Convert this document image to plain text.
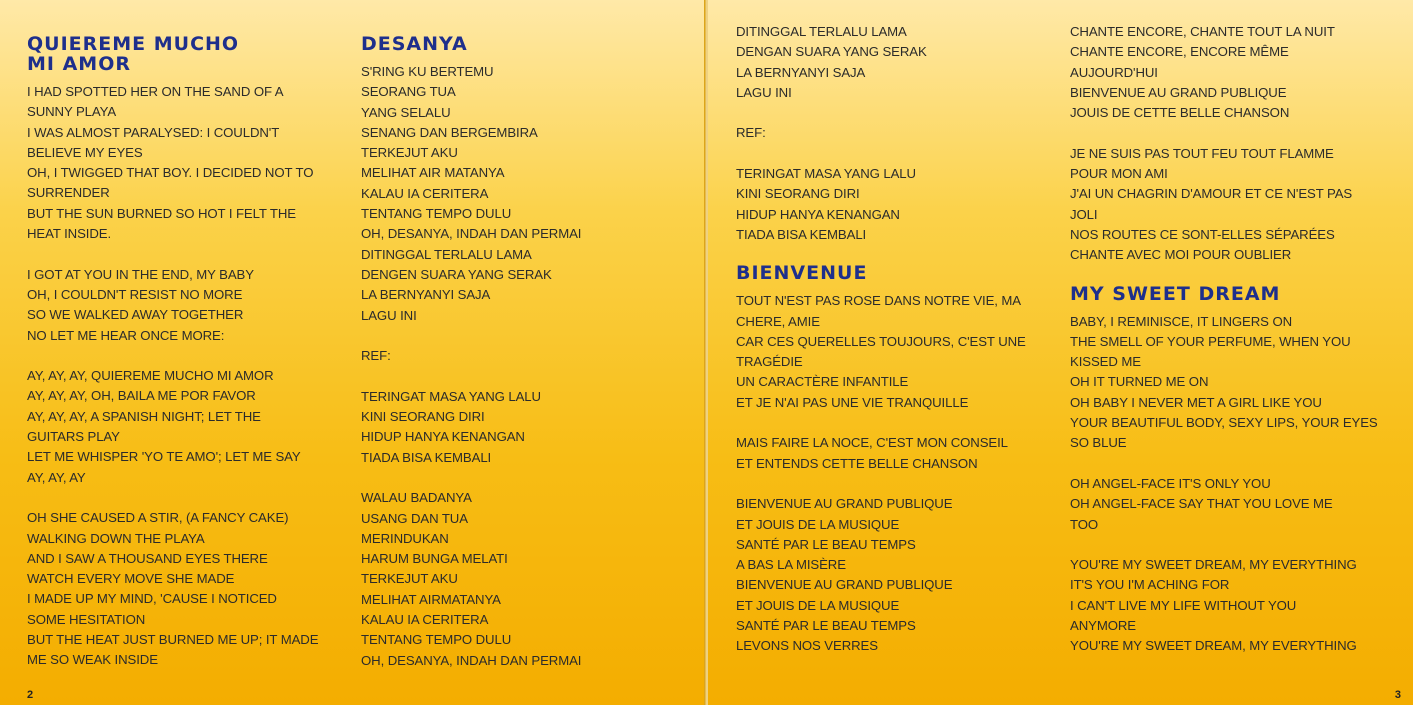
QUIEREME MUCHO
MI AMOR
I HAD SPOTTED HER ON THE SAND OF A
SUNNY PLAYA
I WAS ALMOST PARALYSED: I COULDN'T
BELIEVE MY EYES
OH, I TWIGGED THAT BOY. I DECIDED NOT TO
SURRENDER
BUT THE SUN BURNED SO HOT I FELT THE
HEAT INSIDE.
I GOT AT YOU IN THE END, MY BABY
OH, I COULDN'T RESIST NO MORE
SO WE WALKED AWAY TOGETHER
NO LET ME HEAR ONCE MORE:
AY, AY, AY, QUIEREME MUCHO MI AMOR
AY, AY, AY, OH, BAILA ME POR FAVOR
AY, AY, AY, A SPANISH NIGHT; LET THE
GUITARS PLAY
LET ME WHISPER 'YO TE AMO'; LET ME SAY
AY, AY, AY
OH SHE CAUSED A STIR, (A FANCY CAKE)
WALKING DOWN THE PLAYA
AND I SAW A THOUSAND EYES THERE
WATCH EVERY MOVE SHE MADE
I MADE UP MY MIND, 'CAUSE I NOTICED
SOME HESITATION
BUT THE HEAT JUST BURNED ME UP; IT MADE
ME SO WEAK INSIDE
DESANYA
S'RING KU BERTEMU
SEORANG TUA
YANG SELALU
SENANG DAN BERGEMBIRA
TERKEJUT AKU
MELIHAT AIR MATANYA
KALAU IA CERITERA
TENTANG TEMPO DULU
OH, DESANYA, INDAH DAN PERMAI
DITINGGAL TERLALU LAMA
DENGEN SUARA YANG SERAK
LA BERNYANYI SAJA
LAGU INI
REF:
TERINGAT MASA YANG LALU
KINI SEORANG DIRI
HIDUP HANYA KENANGAN
TIADA BISA KEMBALI
WALAU BADANYA
USANG DAN TUA
MERINDUKAN
HARUM BUNGA MELATI
TERKEJUT AKU
MELIHAT AIRMATANYA
KALAU IA CERITERA
TENTANG TEMPO DULU
OH, DESANYA, INDAH DAN PERMAI
2
DITINGGAL TERLALU LAMA
DENGAN SUARA YANG SERAK
LA BERNYANYI SAJA
LAGU INI
REF:
TERINGAT MASA YANG LALU
KINI SEORANG DIRI
HIDUP HANYA KENANGAN
TIADA BISA KEMBALI
BIENVENUE
TOUT N'EST PAS ROSE DANS NOTRE VIE, MA
CHERE, AMIE
CAR CES QUERELLES TOUJOURS, C'EST UNE
TRAGÉDIE
UN CARACTÈRE INFANTILE
ET JE N'AI PAS UNE VIE TRANQUILLE
MAIS FAIRE LA NOCE, C'EST MON CONSEIL
ET ENTENDS CETTE BELLE CHANSON
BIENVENUE AU GRAND PUBLIQUE
ET JOUIS DE LA MUSIQUE
SANTÉ PAR LE BEAU TEMPS
A BAS LA MISÈRE
BIENVENUE AU GRAND PUBLIQUE
ET JOUIS DE LA MUSIQUE
SANTÉ PAR LE BEAU TEMPS
LEVONS NOS VERRES
CHANTE ENCORE, CHANTE TOUT LA NUIT
CHANTE ENCORE, ENCORE MÊME
AUJOURD'HUI
BIENVENUE AU GRAND PUBLIQUE
JOUIS DE CETTE BELLE CHANSON
JE NE SUIS PAS TOUT FEU TOUT FLAMME
POUR MON AMI
J'AI UN CHAGRIN D'AMOUR ET CE N'EST PAS
JOLI
NOS ROUTES CE SONT-ELLES SÉPARÉES
CHANTE AVEC MOI POUR OUBLIER
MY SWEET DREAM
BABY, I REMINISCE, IT LINGERS ON
THE SMELL OF YOUR PERFUME, WHEN YOU
KISSED ME
OH IT TURNED ME ON
OH BABY I NEVER MET A GIRL LIKE YOU
YOUR BEAUTIFUL BODY, SEXY LIPS, YOUR EYES
SO BLUE
OH ANGEL-FACE IT'S ONLY YOU
OH ANGEL-FACE SAY THAT YOU LOVE ME
TOO
YOU'RE MY SWEET DREAM, MY EVERYTHING
IT'S YOU I'M ACHING FOR
I CAN'T LIVE MY LIFE WITHOUT YOU
ANYMORE
YOU'RE MY SWEET DREAM, MY EVERYTHING
3
